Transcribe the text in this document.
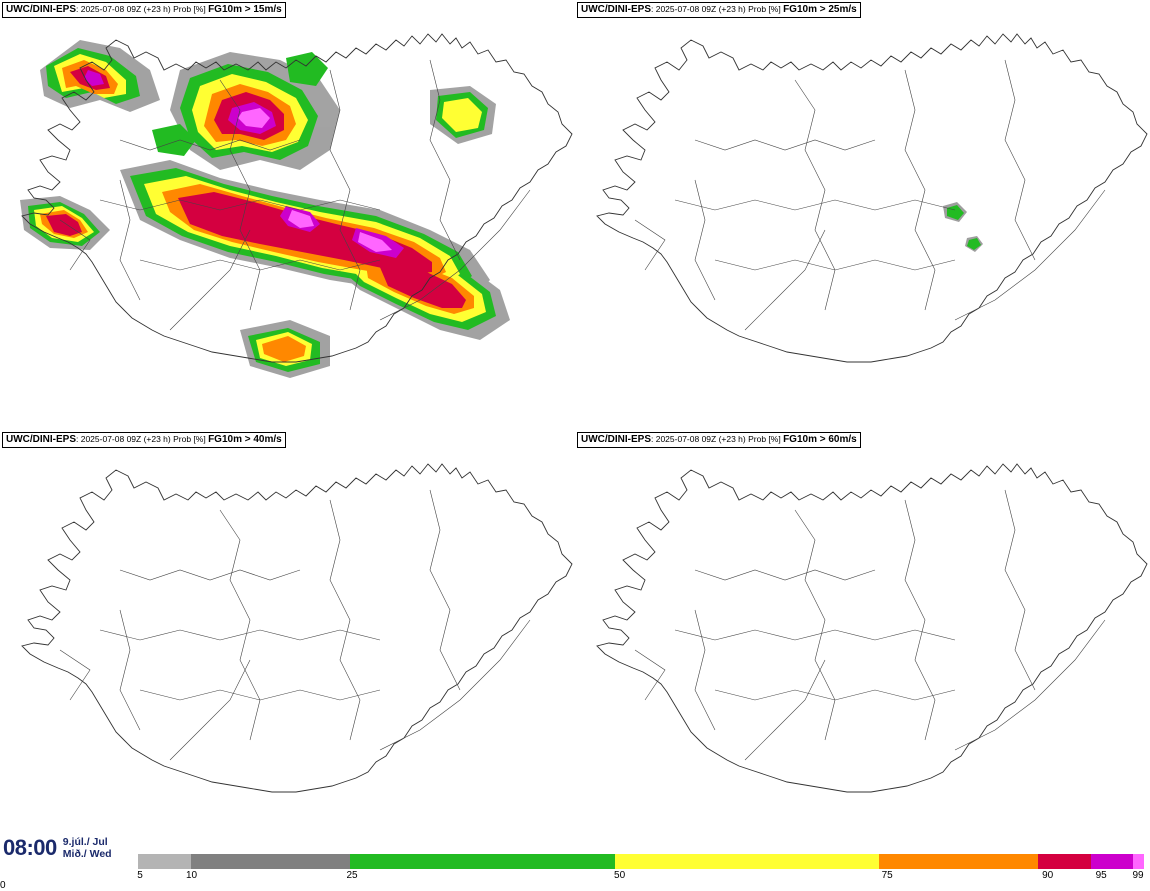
UWC/DINI-EPS: 2025-07-08 09Z (+23 h) Prob [%] FG10m > 15m/s	UWC/DINI-EPS: 2025-07-08 09Z (+23 h) Prob [%] FG10m > 25m/s
UWC/DINI-EPS: 2025-07-08 09Z (+23 h) Prob [%] FG10m > 40m/s	UWC/DINI-EPS: 2025-07-08 09Z (+23 h) Prob [%] FG10m > 60m/s
08:00 9.júl./ Jul
Mið./ Wed
0
5	10	25	50	75	90	95	99
